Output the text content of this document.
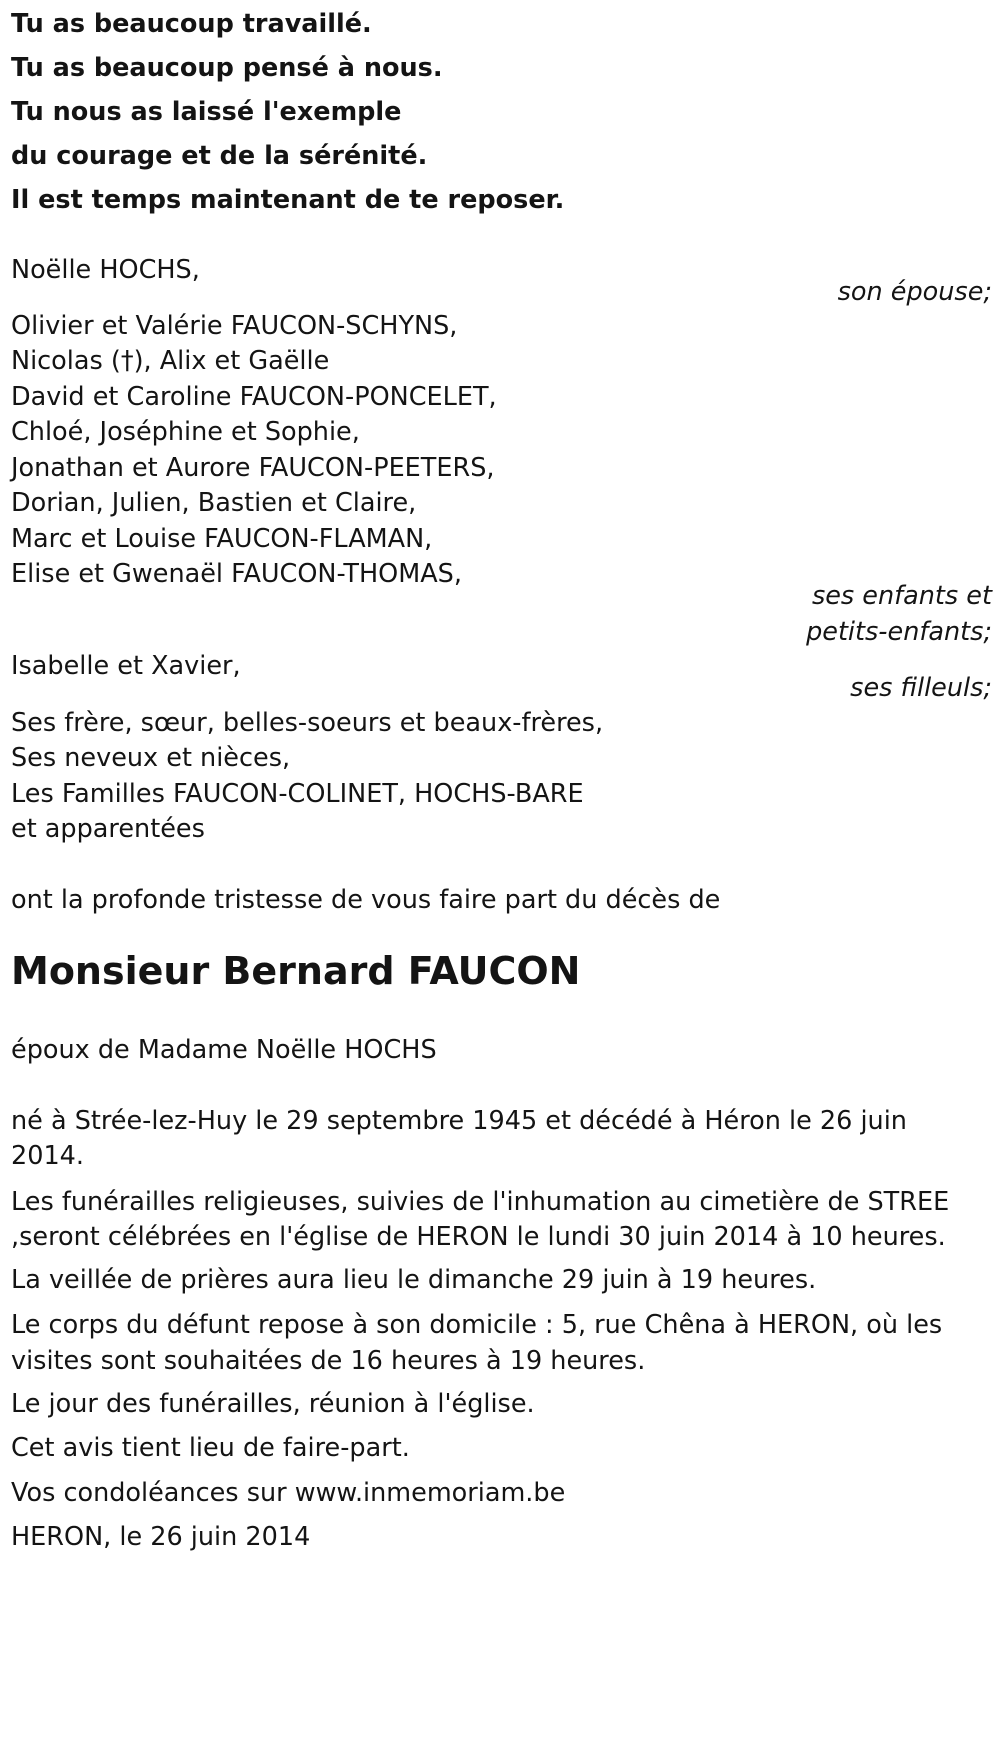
Tu as beaucoup travaillé.
Tu as beaucoup pensé à nous.
Tu nous as laissé l'exemple
du courage et de la sérénité.
Il est temps maintenant de te reposer.
Noëlle HOCHS,
son épouse;
Olivier et Valérie FAUCON-SCHYNS,
Nicolas (†), Alix et Gaëlle
David et Caroline FAUCON-PONCELET,
Chloé, Joséphine et Sophie,
Jonathan et Aurore FAUCON-PEETERS,
Dorian, Julien, Bastien et Claire,
Marc et Louise FAUCON-FLAMAN,
Elise et Gwenaël FAUCON-THOMAS,
ses enfants et
petits-enfants;
Isabelle et Xavier,
ses filleuls;
Ses frère, sœur, belles-soeurs et beaux-frères,
Ses neveux et nièces,
Les Familles FAUCON-COLINET, HOCHS-BARE
et apparentées
ont la profonde tristesse de vous faire part du décès de
Monsieur Bernard FAUCON
époux de Madame Noëlle HOCHS
né à Strée-lez-Huy le 29 septembre 1945 et décédé à Héron le 26 juin
2014.
Les funérailles religieuses, suivies de l'inhumation au cimetière de STREE
,seront célébrées en l'église de HERON le lundi 30 juin 2014 à 10 heures.
La veillée de prières aura lieu le dimanche 29 juin à 19 heures.
Le corps du défunt repose à son domicile : 5, rue Chêna à HERON, où les
visites sont souhaitées de 16 heures à 19 heures.
Le jour des funérailles, réunion à l'église.
Cet avis tient lieu de faire-part.
Vos condoléances sur www.inmemoriam.be
HERON, le 26 juin 2014
